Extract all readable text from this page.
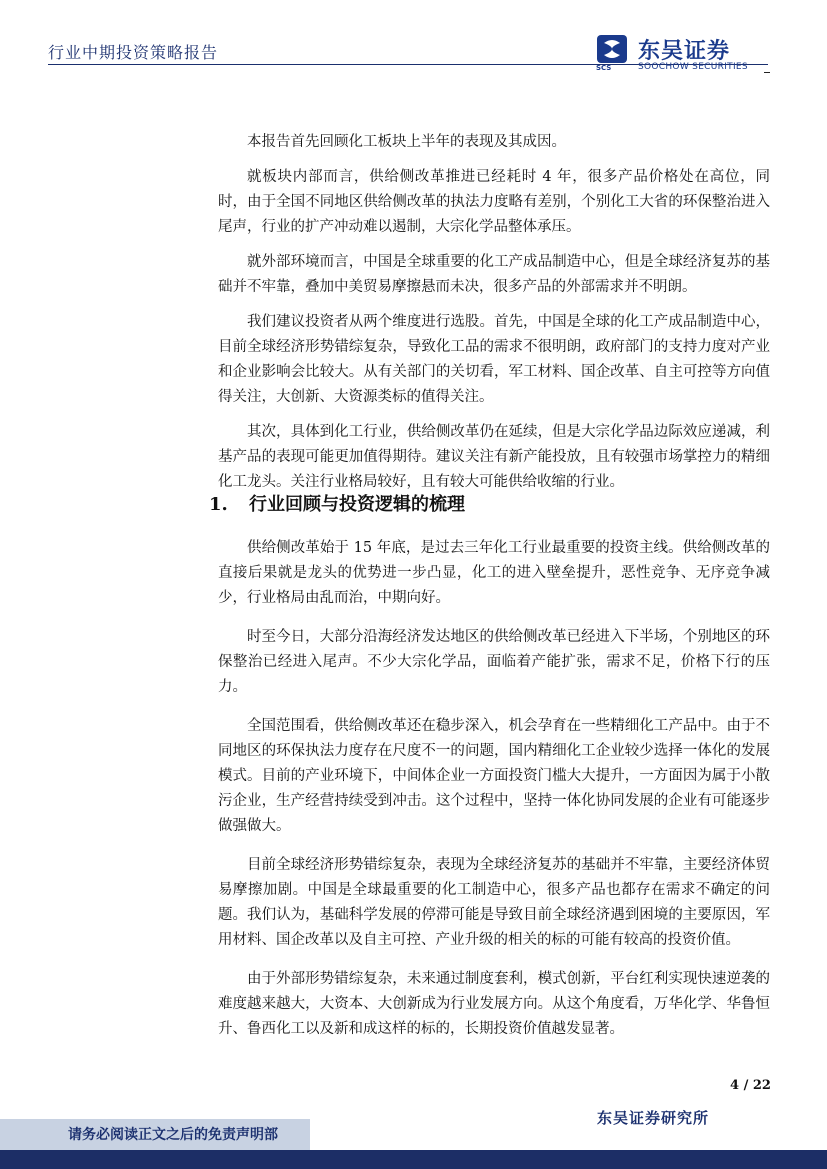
行业中期投资策略报告	东吴证券
SOOCHOW SECURITIES
SCS

本报告首先回顾化工板块上半年的表现及其成因。

就板块内部而言，供给侧改革推进已经耗时 4 年，很多产品价格处在高位，同时，由于全国不同地区供给侧改革的执法力度略有差别，个别化工大省的环保整治进入尾声，行业的扩产冲动难以遏制，大宗化学品整体承压。

就外部环境而言，中国是全球重要的化工产成品制造中心，但是全球经济复苏的基础并不牢靠，叠加中美贸易摩擦悬而未决，很多产品的外部需求并不明朗。

我们建议投资者从两个维度进行选股。首先，中国是全球的化工产成品制造中心，目前全球经济形势错综复杂，导致化工品的需求不很明朗，政府部门的支持力度对产业和企业影响会比较大。从有关部门的关切看，军工材料、国企改革、自主可控等方向值得关注，大创新、大资源类标的值得关注。

其次，具体到化工行业，供给侧改革仍在延续，但是大宗化学品边际效应递减，利基产品的表现可能更加值得期待。建议关注有新产能投放，且有较强市场掌控力的精细化工龙头。关注行业格局较好，且有较大可能供给收缩的行业。

1. 行业回顾与投资逻辑的梳理

供给侧改革始于 15 年底，是过去三年化工行业最重要的投资主线。供给侧改革的直接后果就是龙头的优势进一步凸显，化工的进入壁垒提升，恶性竞争、无序竞争减少，行业格局由乱而治，中期向好。

时至今日，大部分沿海经济发达地区的供给侧改革已经进入下半场，个别地区的环保整治已经进入尾声。不少大宗化学品，面临着产能扩张，需求不足，价格下行的压力。

全国范围看，供给侧改革还在稳步深入，机会孕育在一些精细化工产品中。由于不同地区的环保执法力度存在尺度不一的问题，国内精细化工企业较少选择一体化的发展模式。目前的产业环境下，中间体企业一方面投资门槛大大提升，一方面因为属于小散污企业，生产经营持续受到冲击。这个过程中，坚持一体化协同发展的企业有可能逐步做强做大。

目前全球经济形势错综复杂，表现为全球经济复苏的基础并不牢靠，主要经济体贸易摩擦加剧。中国是全球最重要的化工制造中心，很多产品也都存在需求不确定的问题。我们认为，基础科学发展的停滞可能是导致目前全球经济遇到困境的主要原因，军用材料、国企改革以及自主可控、产业升级的相关的标的可能有较高的投资价值。

由于外部形势错综复杂，未来通过制度套利，模式创新，平台红利实现快速逆袭的难度越来越大，大资本、大创新成为行业发展方向。从这个角度看，万华化学、华鲁恒升、鲁西化工以及新和成这样的标的，长期投资价值越发显著。

4 / 22
请务必阅读正文之后的免责声明部
东吴证券研究所
